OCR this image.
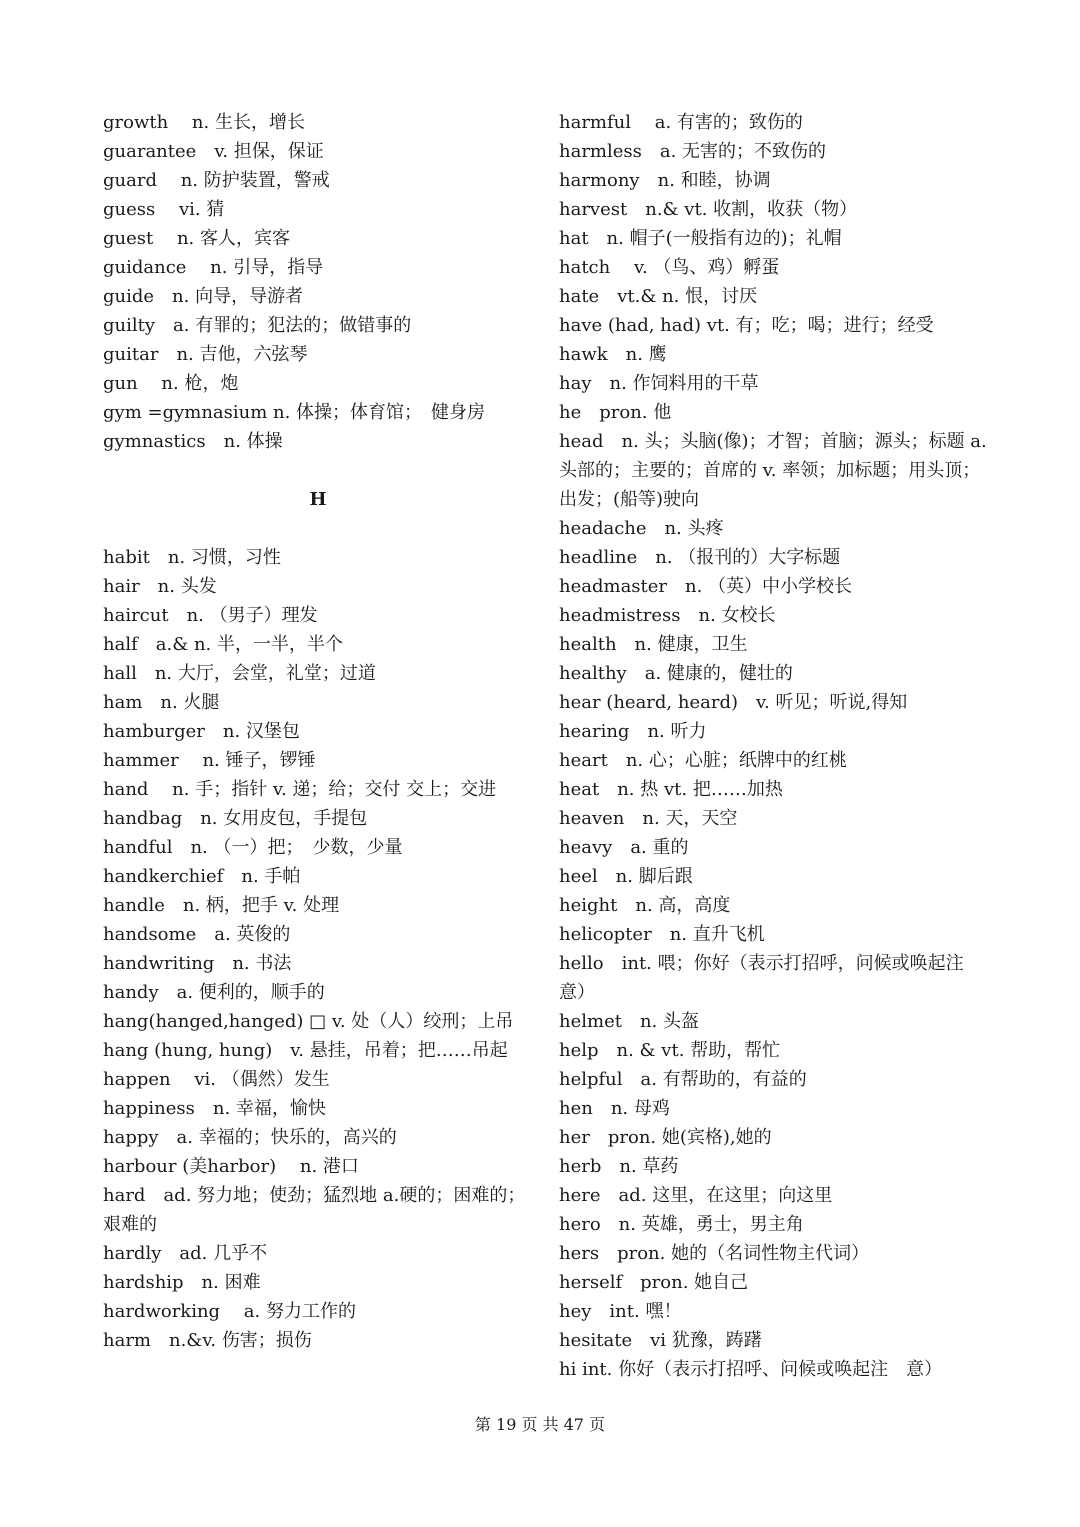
growth　 n. 生长，增长
guarantee　v. 担保，保证
guard　 n. 防护装置，警戒
guess　 vi. 猜
guest　 n. 客人，宾客
guidance　 n. 引导，指导
guide　n. 向导，导游者
guilty　a. 有罪的；犯法的；做错事的
guitar　n. 吉他，六弦琴
gun　 n. 枪，炮
gym =gymnasium n. 体操；体育馆；　健身房
gymnastics　n. 体操
H
habit　n. 习惯，习性
hair　n. 头发
haircut　n. （男子）理发
half　a.& n. 半，一半，半个
hall　n. 大厅，会堂，礼堂；过道
ham　n. 火腿
hamburger　n. 汉堡包
hammer　 n. 锤子，锣锤
hand　 n. 手；指针 v. 递；给；交付 交上；交进
handbag　n. 女用皮包，手提包
handful　n. （一）把；　少数，少量
handkerchief　n. 手帕
handle　n. 柄，把手 v. 处理
handsome　a. 英俊的
handwriting　n. 书法
handy　a. 便利的，顺手的
hang(hanged,hanged) □ v. 处（人）绞刑；上吊
hang (hung, hung)　v. 悬挂，吊着；把……吊起
happen　 vi. （偶然）发生
happiness　n. 幸福，愉快
happy　a. 幸福的；快乐的，高兴的
harbour (美harbor)　 n. 港口
hard　ad. 努力地；使劲；猛烈地 a.硬的；困难的；艰难的
hardly　ad. 几乎不
hardship　n. 困难
hardworking　 a. 努力工作的
harm　n.&v. 伤害；损伤
harmful　 a. 有害的；致伤的
harmless　a. 无害的；不致伤的
harmony　n. 和睦，协调
harvest　n.& vt. 收割，收获（物）
hat　n. 帽子(一般指有边的)；礼帽
hatch　 v. （鸟、鸡）孵蛋
hate　vt.& n. 恨，讨厌
have (had, had) vt. 有；吃；喝；进行；经受
hawk　n. 鹰
hay　n. 作饲料用的干草
he　pron. 他
head　n. 头；头脑(像)；才智；首脑；源头；标题 a. 头部的；主要的；首席的 v. 率领；加标题；用头顶；出发；(船等)驶向
headache　n. 头疼
headline　n. （报刊的）大字标题
headmaster　n. （英）中小学校长
headmistress　n. 女校长
health　n. 健康，卫生
healthy　a. 健康的，健壮的
hear (heard, heard)　v. 听见；听说,得知
hearing　n. 听力
heart　n. 心；心脏；纸牌中的红桃
heat　n. 热 vt. 把……加热
heaven　n. 天，天空
heavy　a. 重的
heel　n. 脚后跟
height　n. 高，高度
helicopter　n. 直升飞机
hello　int. 喂；你好（表示打招呼，问候或唤起注意）
helmet　n. 头盔
help　n. & vt. 帮助，帮忙
helpful　a. 有帮助的，有益的
hen　n. 母鸡
her　pron. 她(宾格),她的
herb　n. 草药
here　ad. 这里，在这里；向这里
hero　n. 英雄，勇士，男主角
hers　pron. 她的（名词性物主代词）
herself　pron. 她自己
hey　int. 嘿！
hesitate　vi 犹豫，踌躇
hi int. 你好（表示打招呼、问候或唤起注　意）
第 19 页 共 47 页
